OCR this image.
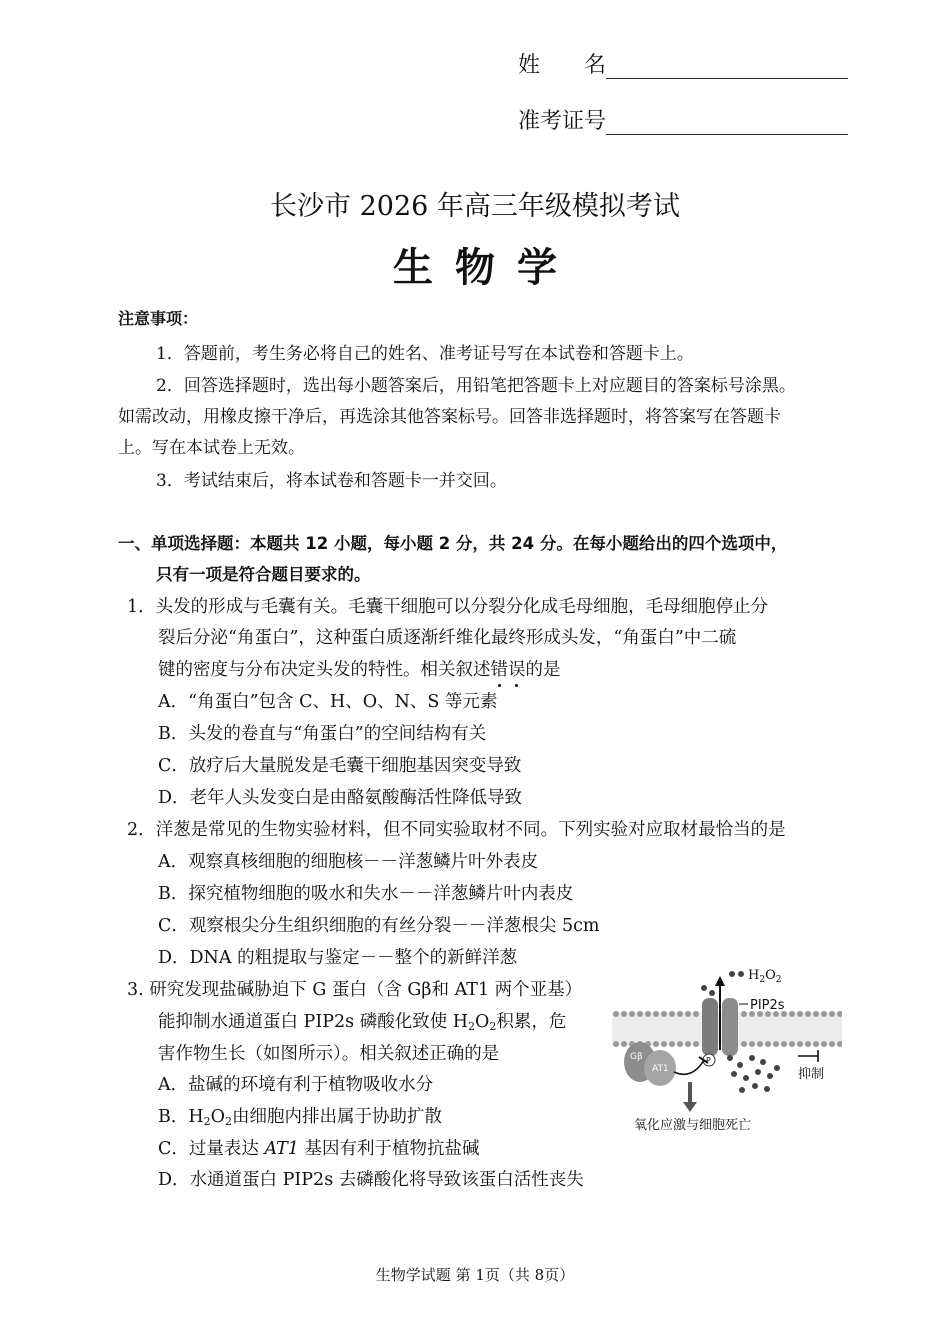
姓　　名
准考证号
长沙市 2026 年高三年级模拟考试
生物学
注意事项：
1．答题前，考生务必将自己的姓名、准考证号写在本试卷和答题卡上。
2．回答选择题时，选出每小题答案后，用铅笔把答题卡上对应题目的答案标号涂黑。
如需改动，用橡皮擦干净后，再选涂其他答案标号。回答非选择题时，将答案写在答题卡
上。写在本试卷上无效。
3．考试结束后，将本试卷和答题卡一并交回。
一、单项选择题：本题共 12 小题，每小题 2 分，共 24 分。在每小题给出的四个选项中，
只有一项是符合题目要求的。
1．头发的形成与毛囊有关。毛囊干细胞可以分裂分化成毛母细胞，毛母细胞停止分
裂后分泌“角蛋白”，这种蛋白质逐渐纤维化最终形成头发，“角蛋白”中二硫
键的密度与分布决定头发的特性。相关叙述错误的是
A．“角蛋白”包含 C、H、O、N、S 等元素
B．头发的卷直与“角蛋白”的空间结构有关
C．放疗后大量脱发是毛囊干细胞基因突变导致
D．老年人头发变白是由酪氨酸酶活性降低导致
2．洋葱是常见的生物实验材料，但不同实验取材不同。下列实验对应取材最恰当的是
A．观察真核细胞的细胞核－－洋葱鳞片叶外表皮
B．探究植物细胞的吸水和失水－－洋葱鳞片叶内表皮
C．观察根尖分生组织细胞的有丝分裂－－洋葱根尖 5cm
D．DNA 的粗提取与鉴定－－整个的新鲜洋葱
3. 研究发现盐碱胁迫下 G 蛋白（含 Gβ和 AT1 两个亚基）
能抑制水通道蛋白 PIP2s 磷酸化致使 $H_2O_2$积累，危
害作物生长（如图所示）。相关叙述正确的是
A．盐碱的环境有利于植物吸收水分
B．$H_2O_2$由细胞内排出属于协助扩散
C．过量表达 AT1 基因有利于植物抗盐碱
D．水通道蛋白 PIP2s 去磷酸化将导致该蛋白活性丧失
$H_2O_2$
PIP2s
P
Gβ
AT1	抑制
氧化应激与细胞死亡
生物学试题 第 1页（共 8页）
